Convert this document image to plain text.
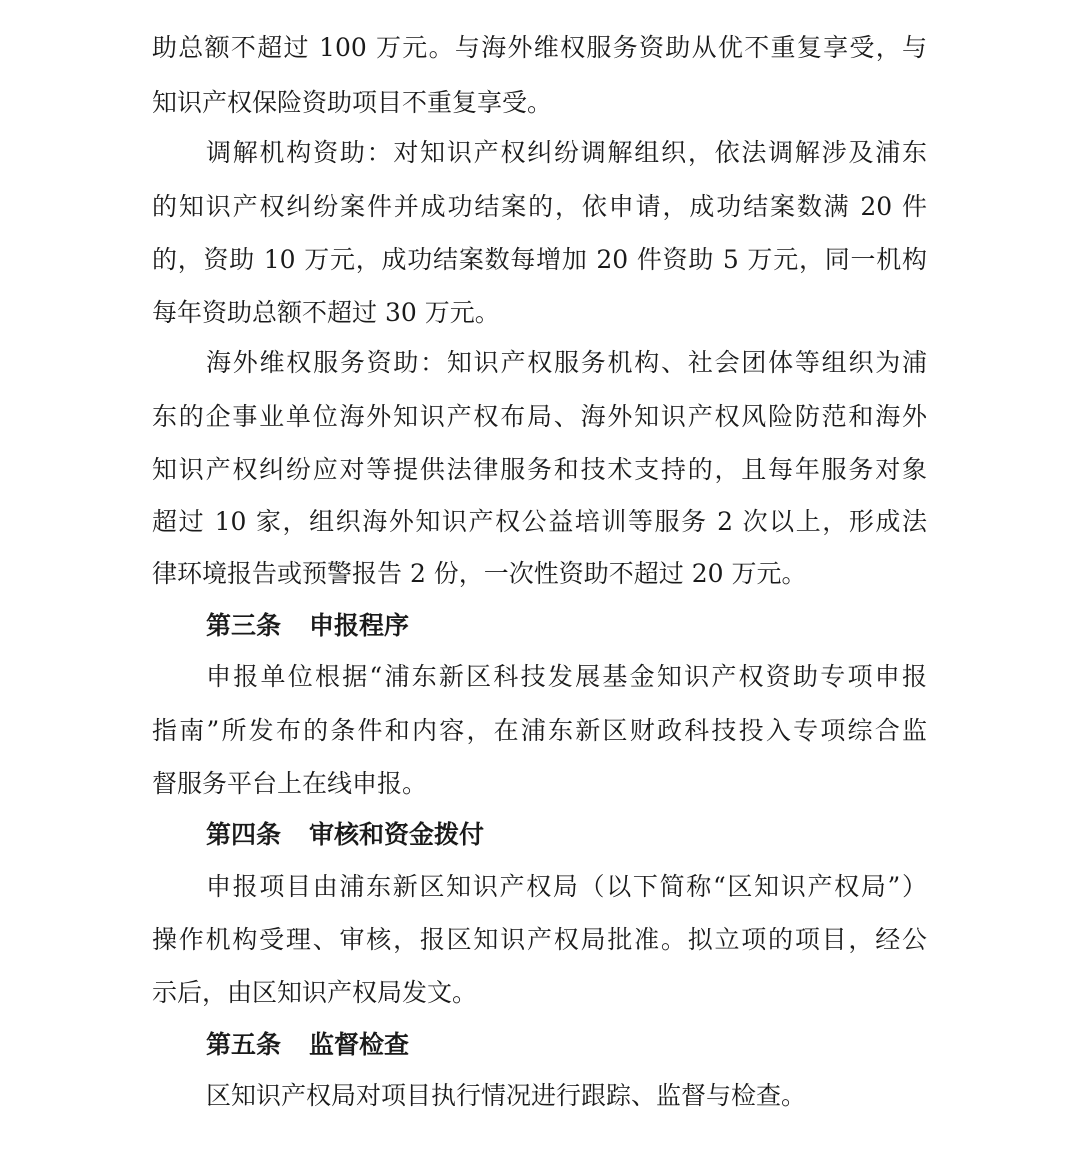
助总额不超过 100 万元。与海外维权服务资助从优不重复享受，与
知识产权保险资助项目不重复享受。
调解机构资助：对知识产权纠纷调解组织，依法调解涉及浦东
的知识产权纠纷案件并成功结案的，依申请，成功结案数满 20 件
的，资助 10 万元，成功结案数每增加 20 件资助 5 万元，同一机构
每年资助总额不超过 30 万元。
海外维权服务资助：知识产权服务机构、社会团体等组织为浦
东的企事业单位海外知识产权布局、海外知识产权风险防范和海外
知识产权纠纷应对等提供法律服务和技术支持的，且每年服务对象
超过 10 家，组织海外知识产权公益培训等服务 2 次以上，形成法
律环境报告或预警报告 2 份，一次性资助不超过 20 万元。
第三条 申报程序
申报单位根据“浦东新区科技发展基金知识产权资助专项申报
指南”所发布的条件和内容，在浦东新区财政科技投入专项综合监
督服务平台上在线申报。
第四条 审核和资金拨付
申报项目由浦东新区知识产权局（以下简称“区知识产权局”）
操作机构受理、审核，报区知识产权局批准。拟立项的项目，经公
示后，由区知识产权局发文。
第五条 监督检查
区知识产权局对项目执行情况进行跟踪、监督与检查。
